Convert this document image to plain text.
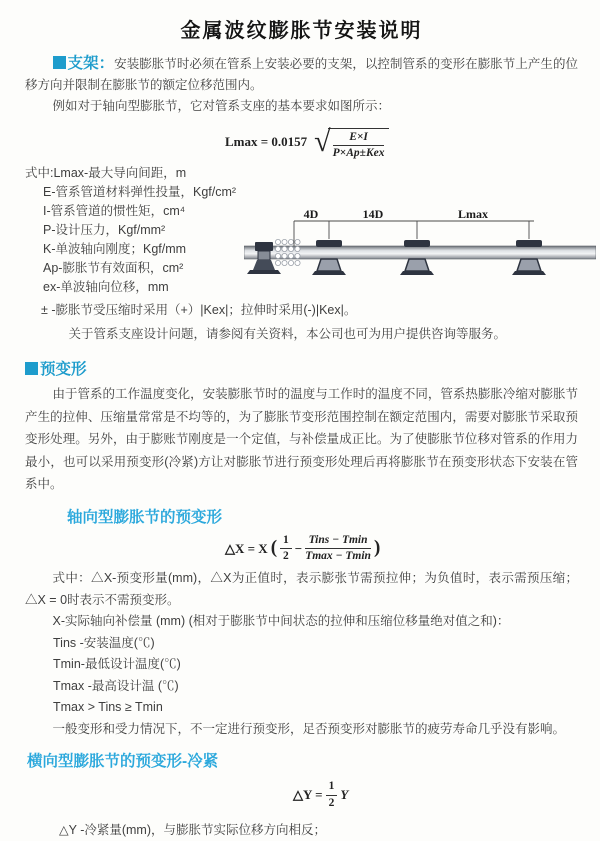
金属波纹膨胀节安装说明

支架：安装膨胀节时必须在管系上安装必要的支架，以控制管系的变形在膨胀节上产生的位移方向并限制在膨胀节的额定位移范围内。

例如对于轴向型膨胀节，它对管系支座的基本要求如图所示：

Lmax = 0.0157 √ $\frac{E\times I}{\text{P×Ap±Kex}}$
式中:Lmax-最大导向间距，m
E-管系管道材料弹性投量，Kgf/cm²
I-管系管道的惯性矩，cm⁴
P-设计压力，Kgf/mm²
K-单波轴向刚度；Kgf/mm
Ap-膨胀节有效面积，cm²
ex-单波轴向位移，mm
± -膨胀节受压缩时采用（+）|Kex|；拉伸时采用(-)|Kex|。
关于管系支座设计问题，请参阅有关资料，本公司也可为用户提供咨询等服务。
预变形

由于管系的工作温度变化，安装膨胀节时的温度与工作时的温度不同，管系热膨胀冷缩对膨胀节产生的拉伸、压缩量常常是不均等的，为了膨胀节变形范围控制在额定范围内，需要对膨胀节采取预变形处理。另外，由于膨账节刚度是一个定值，与补偿量成正比。为了使膨胀节位移对管系的作用力最小，也可以采用预变形(冷紧)方让对膨胀节进行预变形处理后再将膨胀节在预变形状态下安装在管系中。

轴向型膨胀节的预变形
△X = X ( $\frac{1}{2} - \frac{\text{Tins − Tmin}}{Tmax - Tmin}$ )

式中：△X-预变形量(mm)，△X为正值时，表示膨张节需预拉伸；为负值时，表示需预压缩；△X = 0时表示不需预变形。

X-实际轴向补偿量 (mm) (相对于膨胀节中间状态的拉伸和压缩位移量绝对值之和)：

Tins -安装温度(℃)
Tmin-最低设计温度(℃)
Tmax -最高设计温 (℃)
Tmax > Tins ≥ Tmin

一般变形和受力情况下，不一定进行预变形，足否预变形对膨胀节的疲劳寿命几乎没有影响。

横向型膨胀节的预变形-冷紧
△Y = $\frac{1}{2}$ Y

△Y -冷紧量(mm)，与膨胀节实际位移方向相反；

4D	14D	Lmax
